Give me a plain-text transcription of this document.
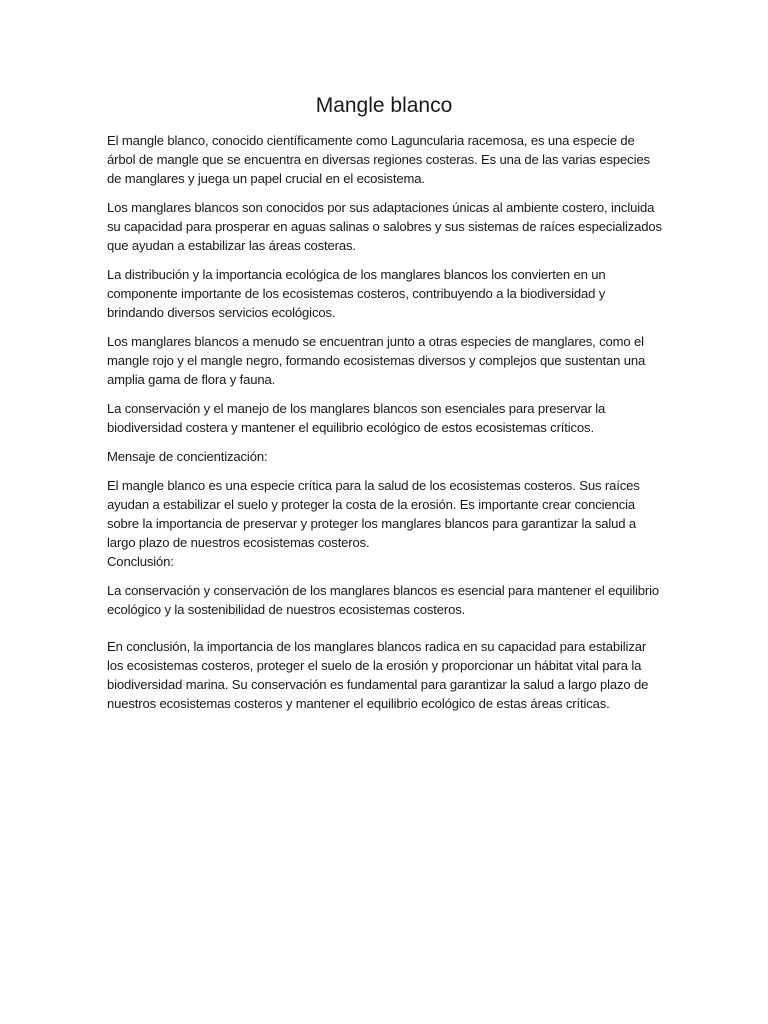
Mangle blanco

El mangle blanco, conocido científicamente como Laguncularia racemosa, es una especie de árbol de mangle que se encuentra en diversas regiones costeras. Es una de las varias especies de manglares y juega un papel crucial en el ecosistema.

Los manglares blancos son conocidos por sus adaptaciones únicas al ambiente costero, incluida su capacidad para prosperar en aguas salinas o salobres y sus sistemas de raíces especializados que ayudan a estabilizar las áreas costeras.

La distribución y la importancia ecológica de los manglares blancos los convierten en un componente importante de los ecosistemas costeros, contribuyendo a la biodiversidad y brindando diversos servicios ecológicos.

Los manglares blancos a menudo se encuentran junto a otras especies de manglares, como el mangle rojo y el mangle negro, formando ecosistemas diversos y complejos que sustentan una amplia gama de flora y fauna.

La conservación y el manejo de los manglares blancos son esenciales para preservar la biodiversidad costera y mantener el equilibrio ecológico de estos ecosistemas críticos.

Mensaje de concientización:

El mangle blanco es una especie crítica para la salud de los ecosistemas costeros. Sus raíces ayudan a estabilizar el suelo y proteger la costa de la erosión. Es importante crear conciencia sobre la importancia de preservar y proteger los manglares blancos para garantizar la salud a largo plazo de nuestros ecosistemas costeros.

Conclusión:

La conservación y conservación de los manglares blancos es esencial para mantener el equilibrio ecológico y la sostenibilidad de nuestros ecosistemas costeros.

En conclusión, la importancia de los manglares blancos radica en su capacidad para estabilizar los ecosistemas costeros, proteger el suelo de la erosión y proporcionar un hábitat vital para la biodiversidad marina. Su conservación es fundamental para garantizar la salud a largo plazo de nuestros ecosistemas costeros y mantener el equilibrio ecológico de estas áreas críticas.
